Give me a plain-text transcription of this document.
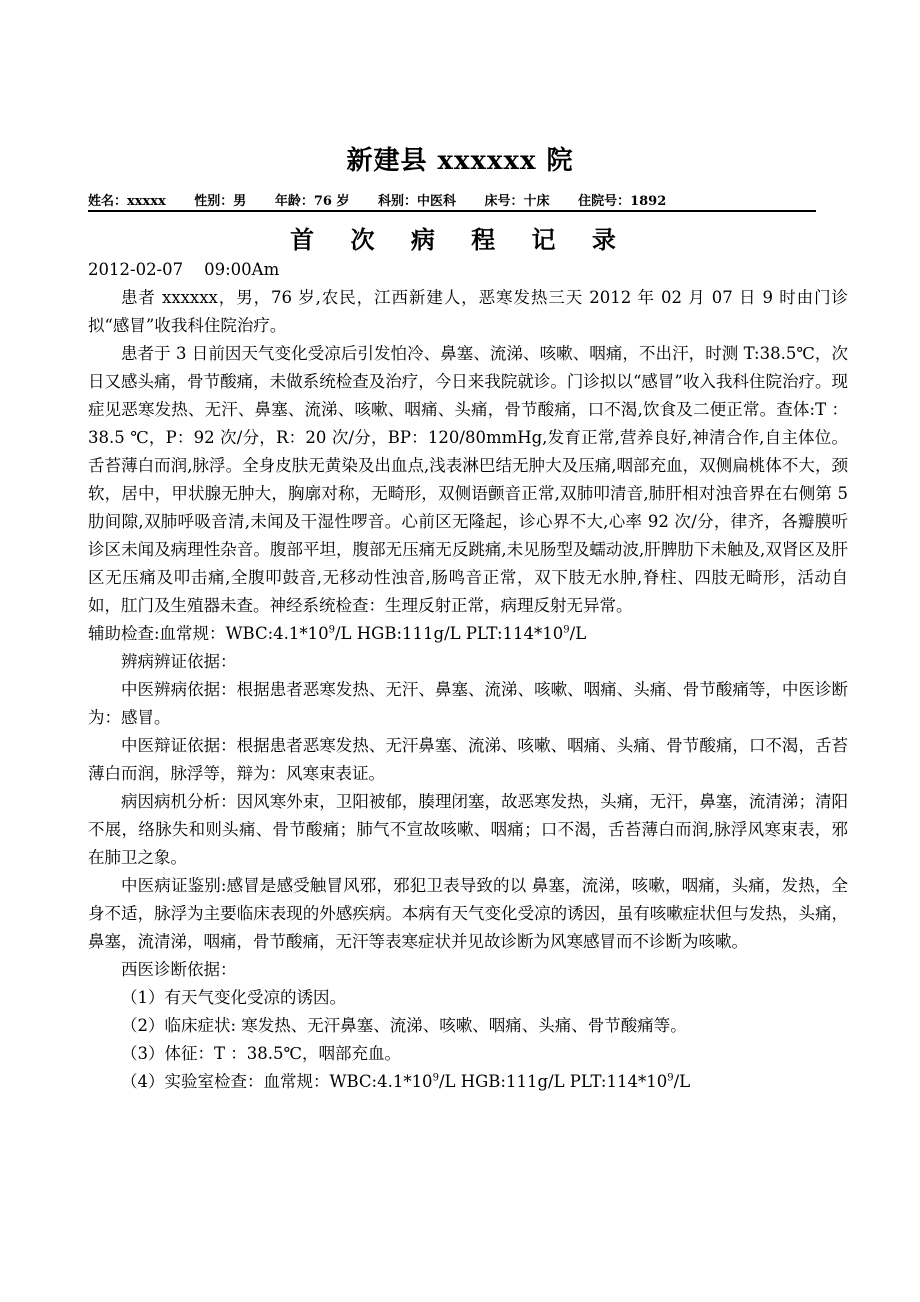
新建县 xxxxxx 院
姓名：xxxxx 性别：男 年龄：76 岁 科别：中医科 床号：十床 住院号：1892
首 次 病 程 记 录

2012-02-07    09:00Am

患者 xxxxxx，男，76 岁,农民，江西新建人，恶寒发热三天 2012 年 02 月 07 日 9 时由门诊拟“感冒”收我科住院治疗。

患者于 3 日前因天气变化受凉后引发怕冷、鼻塞、流涕、咳嗽、咽痛，不出汗，时测 T:38.5℃，次日又感头痛，骨节酸痛，未做系统检查及治疗，今日来我院就诊。门诊拟以“感冒”收入我科住院治疗。现症见恶寒发热、无汗、鼻塞、流涕、咳嗽、咽痛、头痛，骨节酸痛，口不渴,饮食及二便正常。查体:T ：38.5 ℃，P：92 次/分，R：20 次/分，BP：120/80mmHg,发育正常,营养良好,神清合作,自主体位。舌苔薄白而润,脉浮。全身皮肤无黄染及出血点,浅表淋巴结无肿大及压痛,咽部充血，双侧扁桃体不大，颈软，居中，甲状腺无肿大，胸廓对称，无畸形，双侧语颤音正常,双肺叩清音,肺肝相对浊音界在右侧第 5 肋间隙,双肺呼吸音清,未闻及干湿性啰音。心前区无隆起，诊心界不大,心率 92 次/分，律齐，各瓣膜听诊区未闻及病理性杂音。腹部平坦，腹部无压痛无反跳痛,未见肠型及蠕动波,肝脾肋下未触及,双肾区及肝区无压痛及叩击痛,全腹叩鼓音,无移动性浊音,肠鸣音正常，双下肢无水肿,脊柱、四肢无畸形，活动自如，肛门及生殖器未查。神经系统检查：生理反射正常，病理反射无异常。

辅助检查:血常规：$WBC:4.1*10^9/L$ HGB:111g/L $PLT:114*10^9/L$

辨病辨证依据：

中医辨病依据：根据患者恶寒发热、无汗、鼻塞、流涕、咳嗽、咽痛、头痛、骨节酸痛等，中医诊断为：感冒。

中医辩证依据：根据患者恶寒发热、无汗鼻塞、流涕、咳嗽、咽痛、头痛、骨节酸痛，口不渴，舌苔薄白而润，脉浮等，辩为：风寒束表证。

病因病机分析：因风寒外束，卫阳被郁，腠理闭塞，故恶寒发热，头痛，无汗，鼻塞，流清涕；清阳不展，络脉失和则头痛、骨节酸痛；肺气不宣故咳嗽、咽痛；口不渴，舌苔薄白而润,脉浮风寒束表，邪在肺卫之象。

中医病证鉴别:感冒是感受触冒风邪，邪犯卫表导致的以 鼻塞，流涕，咳嗽，咽痛，头痛，发热，全身不适，脉浮为主要临床表现的外感疾病。本病有天气变化受凉的诱因，虽有咳嗽症状但与发热，头痛，鼻塞，流清涕，咽痛，骨节酸痛，无汗等表寒症状并见故诊断为风寒感冒而不诊断为咳嗽。

西医诊断依据：

（1）有天气变化受凉的诱因。

（2）临床症状: 寒发热、无汗鼻塞、流涕、咳嗽、咽痛、头痛、骨节酸痛等。

（3）体征：T ：38.5℃，咽部充血。

（4）实验室检查：血常规：$WBC:4.1*10^9/L$ HGB:111g/L $PLT:114*10^9/L$
